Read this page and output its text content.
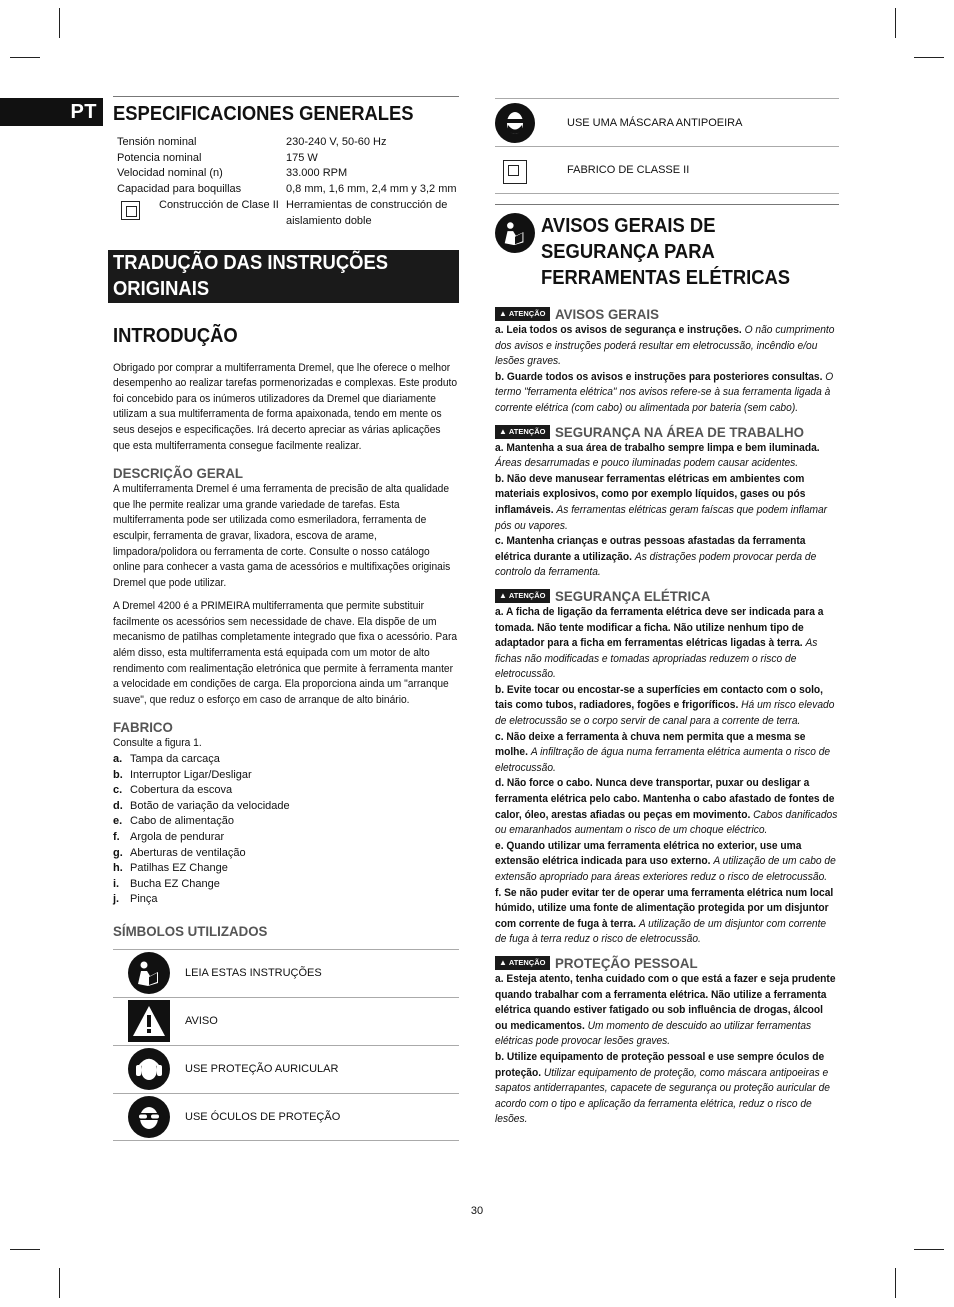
PT ESPECIFICACIONES GENERALES
Tensión nominal	230-240 V, 50-60 Hz
Potencia nominal	175 W
Velocidad nominal (n)	33.000 RPM
Capacidad para boquillas	0,8 mm, 1,6 mm, 2,4 mm y 3,2 mm

Construcción de Clase II	Herramientas de construcción de aislamiento doble
TRADUÇÃO DAS INSTRUÇÕES ORIGINAIS
INTRODUÇÃO
Obrigado por comprar a multiferramenta Dremel, que lhe oferece o melhor desempenho ao realizar tarefas pormenorizadas e complexas. Este produto foi concebido para os inúmeros utilizadores da Dremel que diariamente utilizam a sua multiferramenta de forma apaixonada, tendo em mente os seus desejos e especificações. Irá decerto apreciar as várias aplicações que esta multiferramenta consegue facilmente realizar.
DESCRIÇÃO GERAL
A multiferramenta Dremel é uma ferramenta de precisão de alta qualidade que lhe permite realizar uma grande variedade de tarefas. Esta multiferramenta pode ser utilizada como esmeriladora, ferramenta de esculpir, ferramenta de gravar, lixadora, escova de arame, limpadora/polidora ou ferramenta de corte. Consulte o nosso catálogo online para conhecer a vasta gama de acessórios e multifixações originais Dremel que pode utilizar.
A Dremel 4200 é a PRIMEIRA multiferramenta que permite substituir facilmente os acessórios sem necessidade de chave. Ela dispõe de um mecanismo de patilhas completamente integrado que fixa o acessório. Para além disso, esta multiferramenta está equipada com um motor de alto rendimento com realimentação eletrónica que permite à ferramenta manter a velocidade em condições de carga. Ela proporciona ainda um "arranque suave", que reduz o esforço em caso de arranque de alto binário.
FABRICO
Consulte a figura 1.
a. Tampa da carcaça
b. Interruptor Ligar/Desligar
c. Cobertura da escova
d. Botão de variação da velocidade
e. Cabo de alimentação
f. Argola de pendurar
g. Aberturas de ventilação
h. Patilhas EZ Change
i. Bucha EZ Change
j. Pinça
SÍMBOLOS UTILIZADOS
LEIA ESTAS INSTRUÇÕES
AVISO
USE PROTEÇÃO AURICULAR
USE ÓCULOS DE PROTEÇÃO
USE UMA MÁSCARA ANTIPOEIRA
FABRICO DE CLASSE II
AVISOS GERAIS DE SEGURANÇA PARA FERRAMENTAS ELÉTRICAS
▲ ATENÇÃO AVISOS GERAIS
a. Leia todos os avisos de segurança e instruções. O não cumprimento dos avisos e instruções poderá resultar em eletrocussão, incêndio e/ou lesões graves.
b. Guarde todos os avisos e instruções para posteriores consultas. O termo "ferramenta elétrica" nos avisos refere-se à sua ferramenta ligada à corrente elétrica (com cabo) ou alimentada por bateria (sem cabo).
▲ ATENÇÃO SEGURANÇA NA ÁREA DE TRABALHO
a. Mantenha a sua área de trabalho sempre limpa e bem iluminada. Áreas desarrumadas e pouco iluminadas podem causar acidentes.
b. Não deve manusear ferramentas elétricas em ambientes com materiais explosivos, como por exemplo líquidos, gases ou pós inflamáveis. As ferramentas elétricas geram faíscas que podem inflamar pós ou vapores.
c. Mantenha crianças e outras pessoas afastadas da ferramenta elétrica durante a utilização. As distrações podem provocar perda de controlo da ferramenta.
▲ ATENÇÃO SEGURANÇA ELÉTRICA
a. A ficha de ligação da ferramenta elétrica deve ser indicada para a tomada. Não tente modificar a ficha. Não utilize nenhum tipo de adaptador para a ficha em ferramentas elétricas ligadas à terra. As fichas não modificadas e tomadas apropriadas reduzem o risco de eletrocussão.
b. Evite tocar ou encostar-se a superfícies em contacto com o solo, tais como tubos, radiadores, fogões e frigoríficos. Há um risco elevado de eletrocussão se o corpo servir de canal para a corrente de terra.
c. Não deixe a ferramenta à chuva nem permita que a mesma se molhe. A infiltração de água numa ferramenta elétrica aumenta o risco de eletrocussão.
d. Não force o cabo. Nunca deve transportar, puxar ou desligar a ferramenta elétrica pelo cabo. Mantenha o cabo afastado de fontes de calor, óleo, arestas afiadas ou peças em movimento. Cabos danificados ou emaranhados aumentam o risco de um choque eléctrico.
e. Quando utilizar uma ferramenta elétrica no exterior, use uma extensão elétrica indicada para uso externo. A utilização de um cabo de extensão apropriado para áreas exteriores reduz o risco de eletrocussão.
f. Se não puder evitar ter de operar uma ferramenta elétrica num local húmido, utilize uma fonte de alimentação protegida por um disjuntor com corrente de fuga à terra. A utilização de um disjuntor com corrente de fuga à terra reduz o risco de eletrocussão.
▲ ATENÇÃO PROTEÇÃO PESSOAL
a. Esteja atento, tenha cuidado com o que está a fazer e seja prudente quando trabalhar com a ferramenta elétrica. Não utilize a ferramenta elétrica quando estiver fatigado ou sob influência de drogas, álcool ou medicamentos. Um momento de descuido ao utilizar ferramentas elétricas pode provocar lesões graves.
b. Utilize equipamento de proteção pessoal e use sempre óculos de proteção. Utilizar equipamento de proteção, como máscara antipoeiras e sapatos antiderrapantes, capacete de segurança ou proteção auricular de acordo com o tipo e aplicação da ferramenta elétrica, reduz o risco de lesões.
30
